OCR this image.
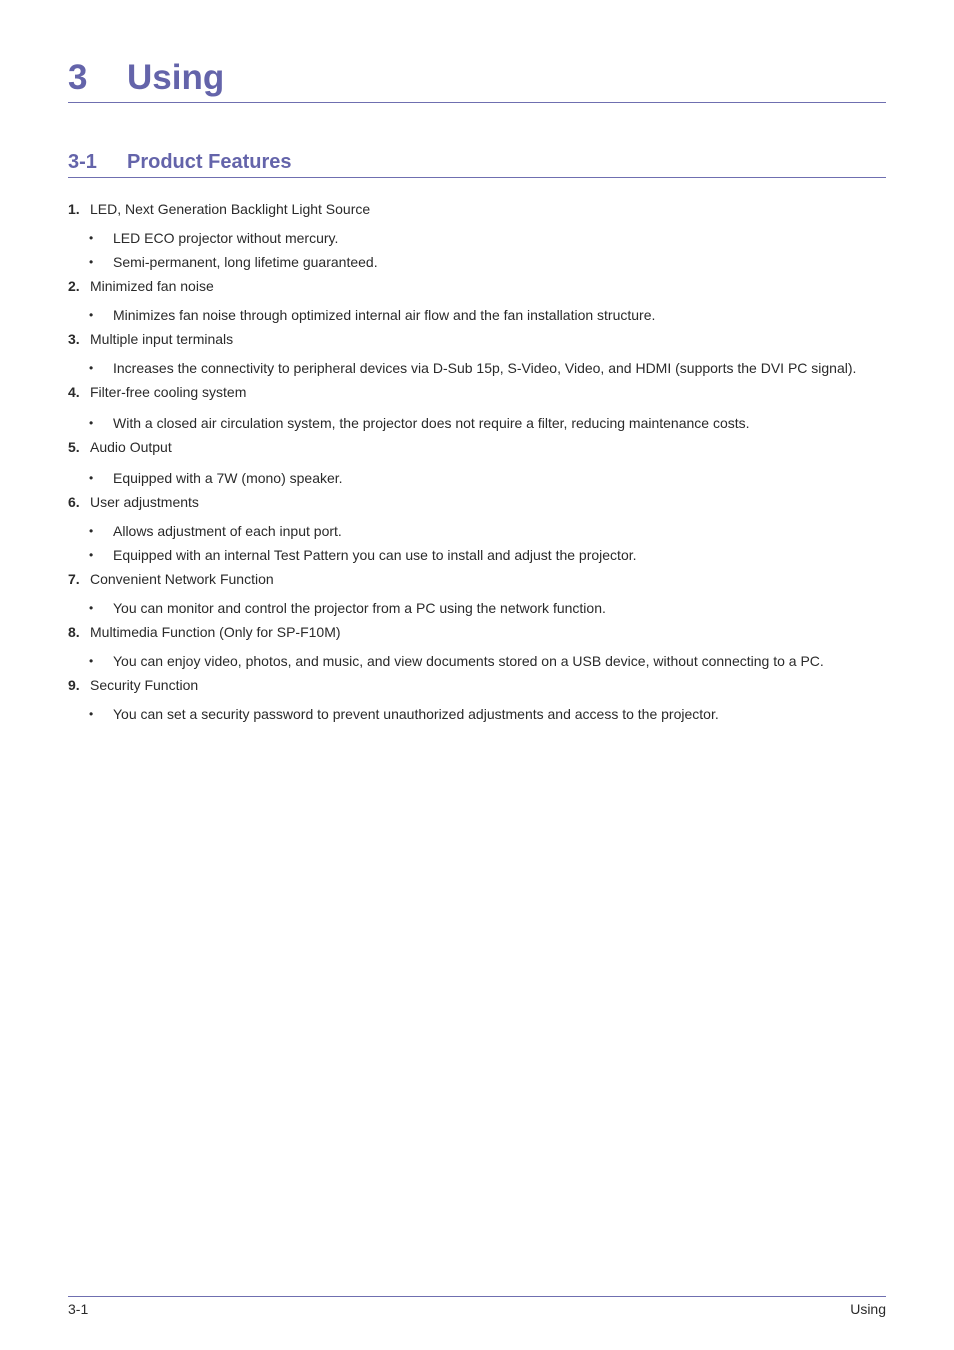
3 Using
3-1 Product Features
1. LED, Next Generation Backlight Light Source
• LED ECO projector without mercury.
• Semi-permanent, long lifetime guaranteed.
2. Minimized fan noise
• Minimizes fan noise through optimized internal air flow and the fan installation structure.
3. Multiple input terminals
• Increases the connectivity to peripheral devices via D-Sub 15p, S-Video, Video, and HDMI (supports the DVI PC signal).
4. Filter-free cooling system
• With a closed air circulation system, the projector does not require a filter, reducing maintenance costs.
5. Audio Output
• Equipped with a 7W (mono) speaker.
6. User adjustments
• Allows adjustment of each input port.
• Equipped with an internal Test Pattern you can use to install and adjust the projector.
7. Convenient Network Function
• You can monitor and control the projector from a PC using the network function.
8. Multimedia Function (Only for SP-F10M)
• You can enjoy video, photos, and music, and view documents stored on a USB device, without connecting to a PC.
9. Security Function
• You can set a security password to prevent unauthorized adjustments and access to the projector.
3-1	Using
